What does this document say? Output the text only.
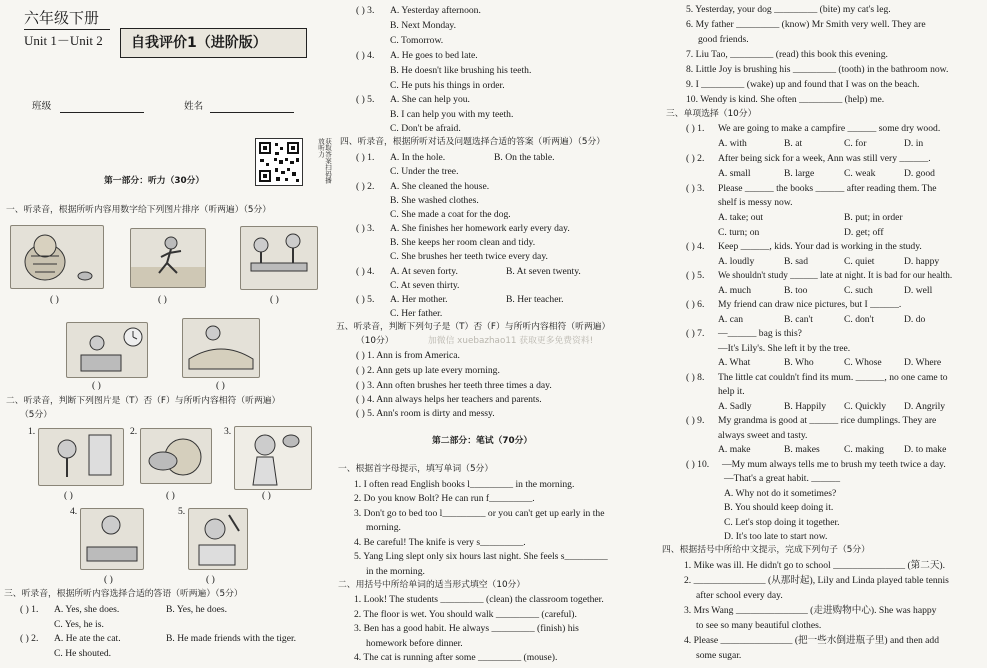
六年级下册
Unit 1－Unit 2 自我评价1（进阶版）
班级	姓名
获取答案扫码播放听力
第一部分：听力（30分）
一、听录音，根据所听内容用数字给下列图片排序（听两遍）（5分）
( )	( )	( )
( )	( )
二、听录音，判断下列图片是（T）否（F）与所听内容相符（听两遍）
（5分）
1.	2.	3.
( )	( )	( )
4.	5.
( )	( )
三、听录音，根据所听内容选择合适的答语（听两遍）（5分）
( ) 1. A. Yes, she does.	B. Yes, he does.
C. Yes, he is.
( ) 2. A. He ate the cat.	B. He made friends with the tiger.
C. He shouted.
( ) 3. A. Yesterday afternoon.
B. Next Monday.
C. Tomorrow.
( ) 4. A. He goes to bed late.
B. He doesn't like brushing his teeth.
C. He puts his things in order.
( ) 5. A. She can help you.
B. I can help you with my teeth.
C. Don't be afraid.
四、听录音，根据所听对话及问题选择合适的答案（听两遍）（5分）
( ) 1. A. In the hole.	B. On the table.
C. Under the tree.
( ) 2. A. She cleaned the house.
B. She washed clothes.
C. She made a coat for the dog.
( ) 3. A. She finishes her homework early every day.
B. She keeps her room clean and tidy.
C. She brushes her teeth twice every day.
( ) 4. A. At seven forty.	B. At seven twenty.
C. At seven thirty.
( ) 5. A. Her mother.	B. Her teacher.
C. Her father.
五、听录音，判断下列句子是（T）否（F）与所听内容相符（听两遍）
（10分）	加微信 xuebazhao11 获取更多免费资料!
( ) 1. Ann is from America.
( ) 2. Ann gets up late every morning.
( ) 3. Ann often brushes her teeth three times a day.
( ) 4. Ann always helps her teachers and parents.
( ) 5. Ann's room is dirty and messy.
第二部分：笔试（70分）
一、根据首字母提示，填写单词（5分）
1. I often read English books l_________ in the morning.
2. Do you know Bolt? He can run f_________.
3. Don't go to bed too l_________ or you can't get up early in the
morning.
4. Be careful! The knife is very s_________.
5. Yang Ling slept only six hours last night. She feels s_________
in the morning.
二、用括号中所给单词的适当形式填空（10分）
1. Look! The students _________ (clean) the classroom together.
2. The floor is wet. You should walk _________ (careful).
3. Ben has a good habit. He always _________ (finish) his
homework before dinner.
4. The cat is running after some _________ (mouse).
5. Yesterday, your dog _________ (bite) my cat's leg.
6. My father _________ (know) Mr Smith very well. They are
good friends.
7. Liu Tao, _________ (read) this book this evening.
8. Little Joy is brushing his _________ (tooth) in the bathroom now.
9. I _________ (wake) up and found that I was on the beach.
10. Wendy is kind. She often _________ (help) me.
三、单项选择（10分）
( ) 1. We are going to make a campfire ______ some dry wood.
A. with	B. at	C. for	D. in
( ) 2. After being sick for a week, Ann was still very ______.
A. small	B. large	C. weak	D. good
( ) 3. Please ______ the books ______ after reading them. The
shelf is messy now.
A. take; out	B. put; in order
C. turn; on	D. get; off
( ) 4. Keep ______, kids. Your dad is working in the study.
A. loudly	B. sad	C. quiet	D. happy
( ) 5. We shouldn't study ______ late at night. It is bad for our health.
A. much	B. too	C. such	D. well
( ) 6. My friend can draw nice pictures, but I ______.
A. can	B. can't	C. don't	D. do
( ) 7. —______ bag is this?
—It's Lily's. She left it by the tree.
A. What	B. Who	C. Whose D. Where
( ) 8. The little cat couldn't find its mum. ______, no one came to
help it.
A. Sadly	B. Happily C. Quickly D. Angrily
( ) 9. My grandma is good at ______ rice dumplings. They are
always sweet and tasty.
A. make	B. makes	C. making D. to make
( ) 10. —My mum always tells me to brush my teeth twice a day.
—That's a great habit. ______
A. Why not do it sometimes?
B. You should keep doing it.
C. Let's stop doing it together.
D. It's too late to start now.
四、根据括号中所给中文提示，完成下列句子（5分）
1. Mike was ill. He didn't go to school _______________ (第二天).
2. _______________ (从那时起), Lily and Linda played table tennis
after school every day.
3. Mrs Wang _______________ (走进购物中心). She was happy
to see so many beautiful clothes.
4. Please _______________ (把一些水倒进瓶子里) and then add
some sugar.
